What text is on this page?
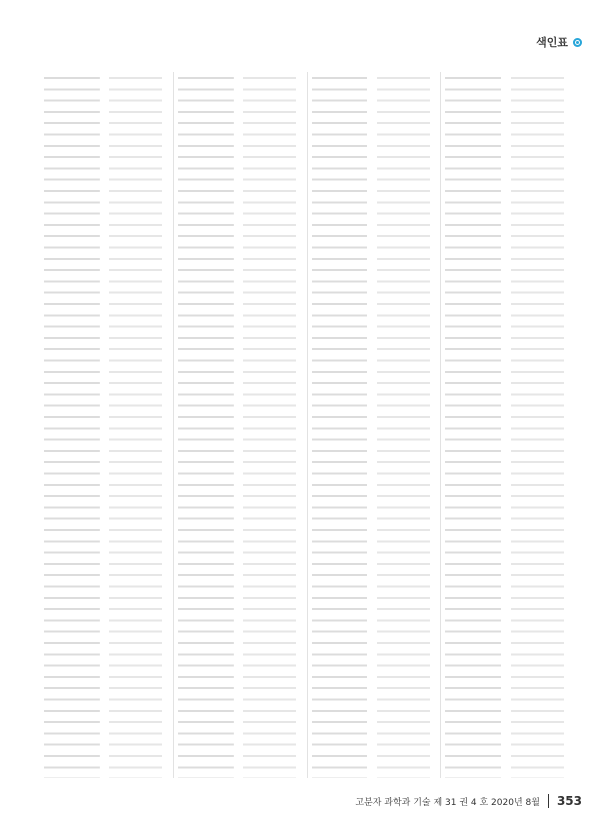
색인표
고분자 과학과 기술 제 31 권 4 호 2020년 8월 353
